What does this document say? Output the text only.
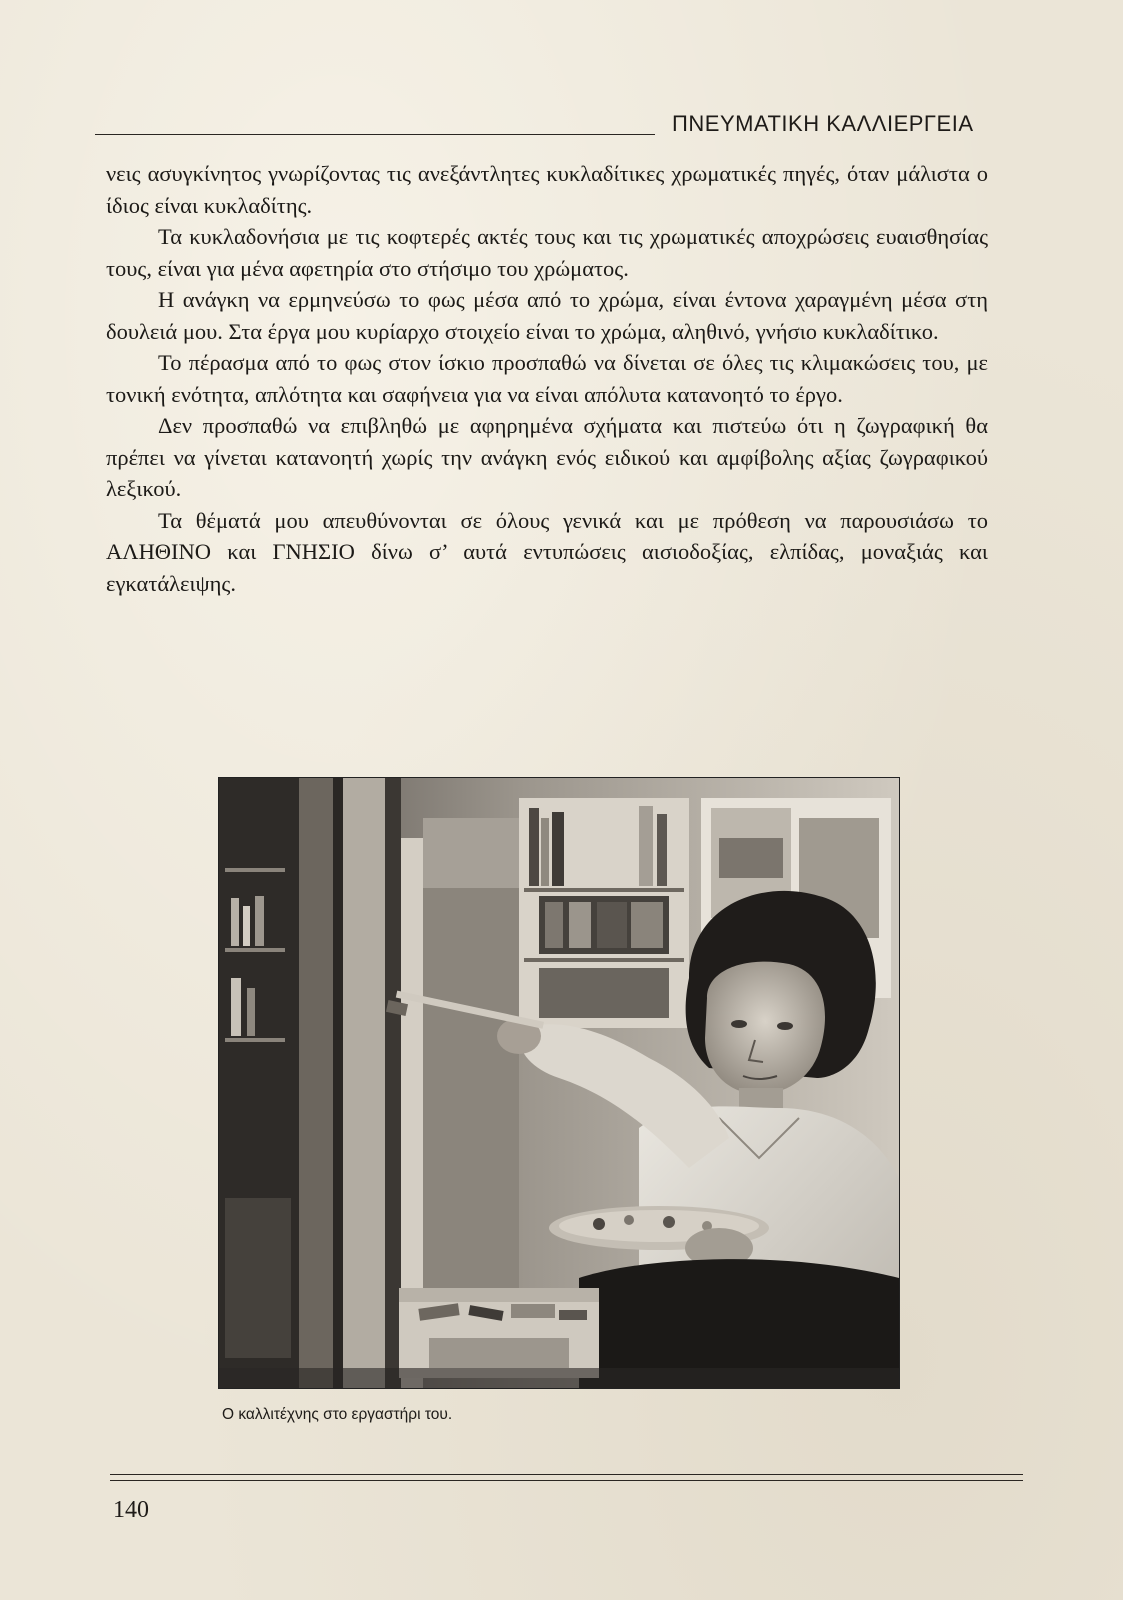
ΠΝΕΥΜΑΤΙΚΗ ΚΑΛΛΙΕΡΓΕΙΑ

νεις ασυγκίνητος γνωρίζοντας τις ανεξάντλητες κυκλαδίτικες χρωματικές πηγές, όταν μάλιστα ο ίδιος είναι κυκλαδίτης.

Τα κυκλαδονήσια με τις κοφτερές ακτές τους και τις χρωματικές αποχρώσεις ευαισθησίας τους, είναι για μένα αφετηρία στο στήσιμο του χρώματος.

Η ανάγκη να ερμηνεύσω το φως μέσα από το χρώμα, είναι έντονα χαραγμένη μέσα στη δουλειά μου. Στα έργα μου κυρίαρχο στοιχείο είναι το χρώμα, αληθινό, γνήσιο κυκλαδίτικο.

Το πέρασμα από το φως στον ίσκιο προσπαθώ να δίνεται σε όλες τις κλιμακώσεις του, με τονική ενότητα, απλότητα και σαφήνεια για να είναι απόλυτα κατανοητό το έργο.

Δεν προσπαθώ να επιβληθώ με αφηρημένα σχήματα και πιστεύω ότι η ζωγραφική θα πρέπει να γίνεται κατανοητή χωρίς την ανάγκη ενός ειδικού και αμφίβολης αξίας ζωγραφικού λεξικού.

Τα θέματά μου απευθύνονται σε όλους γενικά και με πρόθεση να παρουσιάσω το ΑΛΗΘΙΝΟ και ΓΝΗΣΙΟ δίνω σ’ αυτά εντυπώσεις αισιοδοξίας, ελπίδας, μοναξιάς και εγκατάλειψης.

Ο καλλιτέχνης στο εργαστήρι του.
140
